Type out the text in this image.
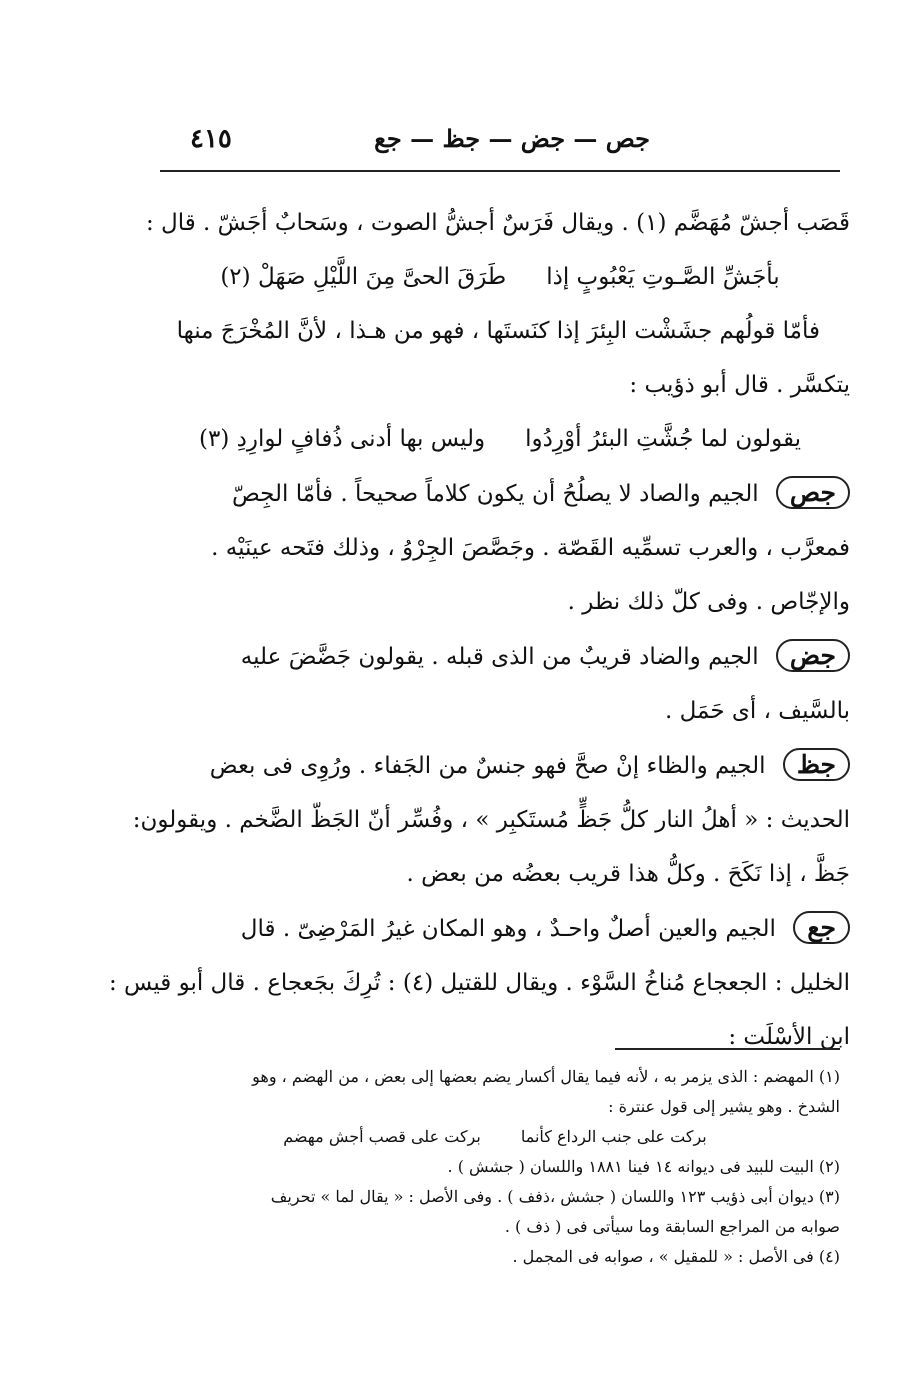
٤١٥	جص — جض — جظ — جع
قَصَب أجشّ مُهَضَّم (١) . ويقال فَرَسٌ أجشُّ الصوت ، وسَحابٌ أجَشّ . قال :
بأجَشِّ الصَّـوتِ يَعْبُوبٍ إذا
طَرَقَ الحىَّ مِنَ اللَّيْلِ صَهَلْ (٢)
فأمّا قولُهم جشَشْت البِئرَ إذا كنَستَها ، فهو من هـذا ، لأنَّ المُخْرَجَ منها
يتكسَّر . قال أبو ذؤيب :
يقولون لما جُشَّتِ البئرُ أوْرِدُوا
وليس بها أدنى ذُفافٍ لوارِدِ (٣)
جص الجيم والصاد لا يصلُحُ أن يكون كلاماً صحيحاً . فأمّا الجِصّ
فمعرَّب ، والعرب تسمِّيه القَصّة . وجَصَّصَ الجِرْوُ ، وذلك فتَحه عينَيْه .
والإجّاص . وفى كلّ ذلك نظر .
جض الجيم والضاد قريبٌ من الذى قبله . يقولون جَضَّضَ عليه
بالسَّيف ، أى حَمَل .
جظ الجيم والظاء إنْ صحَّ فهو جنسٌ من الجَفاء . ورُوِى فى بعض
الحديث : « أهلُ النار كلُّ جَظٍّ مُستَكبِر » ، وفُسِّر أنّ الجَظّ الضَّخم . ويقولون:
جَظَّ ، إذا نَكَحَ . وكلُّ هذا قريب بعضُه من بعض .
جع الجيم والعين أصلٌ واحـدٌ ، وهو المكان غيرُ المَرْضِىّ . قال
الخليل : الجعجاع مُناخُ السَّوْء . ويقال للقتيل (٤) : تُرِكَ بجَعجاع . قال أبو قيس :
ابن الأسْلَت :
(١) المهضم : الذى يزمر به ، لأنه فيما يقال أكسار يضم بعضها إلى بعض ، من الهضم ، وهو
الشدخ . وهو يشير إلى قول عنترة :
بركت على جنب الرداع كأنما
بركت على قصب أجش مهضم
(٢) البيت للبيد فى ديوانه ١٤ فينا ١٨٨١ واللسان ( جشش ) .
(٣) ديوان أبى ذؤيب ١٢٣ واللسان ( جشش ،ذفف ) . وفى الأصل : « يقال لما » تحريف
صوابه من المراجع السابقة وما سيأتى فى ( ذف ) .
(٤) فى الأصل : « للمقيل » ، صوابه فى المجمل .
